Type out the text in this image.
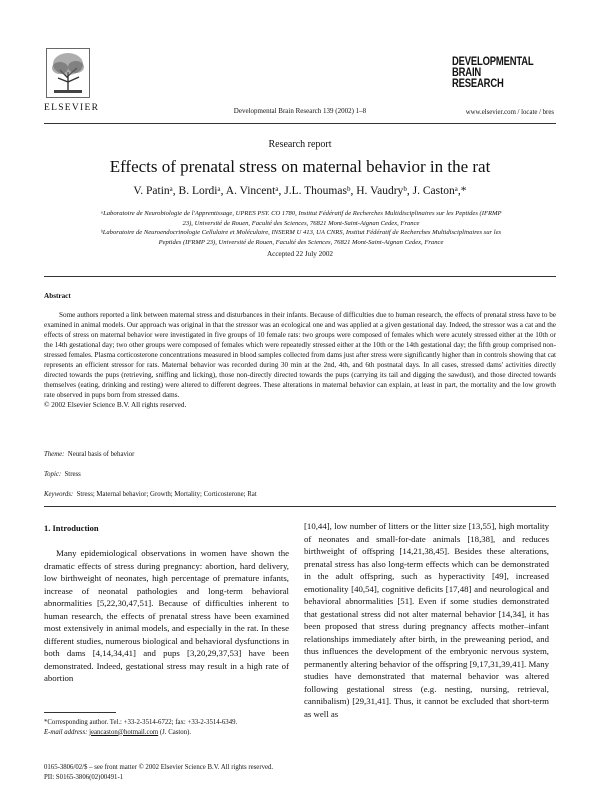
ELSEVIER	Developmental Brain Research 139 (2002) 1–8
DEVELOPMENTAL
BRAIN
RESEARCH
www.elsevier.com / locate / bres
Research report
Effects of prenatal stress on maternal behavior in the rat
V. Patinᵃ, B. Lordiᵃ, A. Vincentᵃ, J.L. Thoumasᵇ, H. Vaudryᵇ, J. Castonᵃ,*
ᵃLaboratoire de Neurobiologie de l'Apprentissage, UPRES PSY. CO 1780, Institut Fédératif de Recherches Multidisciplinaires sur les Peptides (IFRMP 23), Université de Rouen, Faculté des Sciences, 76821 Mont-Saint-Aignan Cedex, France
ᵇLaboratoire de Neuroendocrinologie Cellulaire et Moléculaire, INSERM U 413, UA CNRS, Institut Fédératif de Recherches Multidisciplinaires sur les Peptides (IFRMP 23), Université de Rouen, Faculté des Sciences, 76821 Mont-Saint-Aignan Cedex, France
Accepted 22 July 2002
Abstract
Some authors reported a link between maternal stress and disturbances in their infants. Because of difficulties due to human research, the effects of prenatal stress have to be examined in animal models. Our approach was original in that the stressor was an ecological one and was applied at a given gestational day. Indeed, the stressor was a cat and the effects of stress on maternal behavior were investigated in five groups of 10 female rats: two groups were composed of females which were acutely stressed either at the 10th or the 14th gestational day; two other groups were composed of females which were repeatedly stressed either at the 10th or the 14th gestational day; the fifth group comprised non-stressed females. Plasma corticosterone concentrations measured in blood samples collected from dams just after stress were significantly higher than in controls showing that cat represents an efficient stressor for rats. Maternal behavior was recorded during 30 min at the 2nd, 4th, and 6th postnatal days. In all cases, stressed dams' activities directly directed towards the pups (retrieving, sniffing and licking), those non-directly directed towards the pups (carrying its tail and digging the sawdust), and those directed towards themselves (eating, drinking and resting) were altered to different degrees. These alterations in maternal behavior can explain, at least in part, the mortality and the low growth rate observed in pups born from stressed dams.
© 2002 Elsevier Science B.V. All rights reserved.
Theme: Neural basis of behavior
Topic: Stress
Keywords: Stress; Maternal behavior; Growth; Mortality; Corticosterone; Rat
1. Introduction
Many epidemiological observations in women have shown the dramatic effects of stress during pregnancy: abortion, hard delivery, low birthweight of neonates, high percentage of premature infants, increase of neonatal pathologies and long-term behavioral abnormalities [5,22,30,47,51]. Because of difficulties inherent to human research, the effects of prenatal stress have been examined most extensively in animal models, and especially in the rat. In these different studies, numerous biological and behavioral dysfunctions in both dams [4,14,34,41] and pups [3,20,29,37,53] have been demonstrated. Indeed, gestational stress may result in a high rate of abortion
[10,44], low number of litters or the litter size [13,55], high mortality of neonates and small-for-date animals [18,38], and reduces birthweight of offspring [14,21,38,45]. Besides these alterations, prenatal stress has also long-term effects which can be demonstrated in the adult offspring, such as hyperactivity [49], increased emotionality [40,54], cognitive deficits [17,48] and neurological and behavioral abnormalities [51]. Even if some studies demonstrated that gestational stress did not alter maternal behavior [14,34], it has been proposed that stress during pregnancy affects mother–infant relationships immediately after birth, in the preweaning period, and thus influences the development of the embryonic nervous system, permanently altering behavior of the offspring [9,17,31,39,41]. Many studies have demonstrated that maternal behavior was altered following gestational stress (e.g. nesting, nursing, retrieval, cannibalism) [29,31,41]. Thus, it cannot be excluded that short-term as well as
*Corresponding author. Tel.: +33-2-3514-6722; fax: +33-2-3514-6349.
E-mail address: jeancaston@hotmail.com (J. Caston).
0165-3806/02/$ – see front matter © 2002 Elsevier Science B.V. All rights reserved.
PII: S0165-3806(02)00491-1
